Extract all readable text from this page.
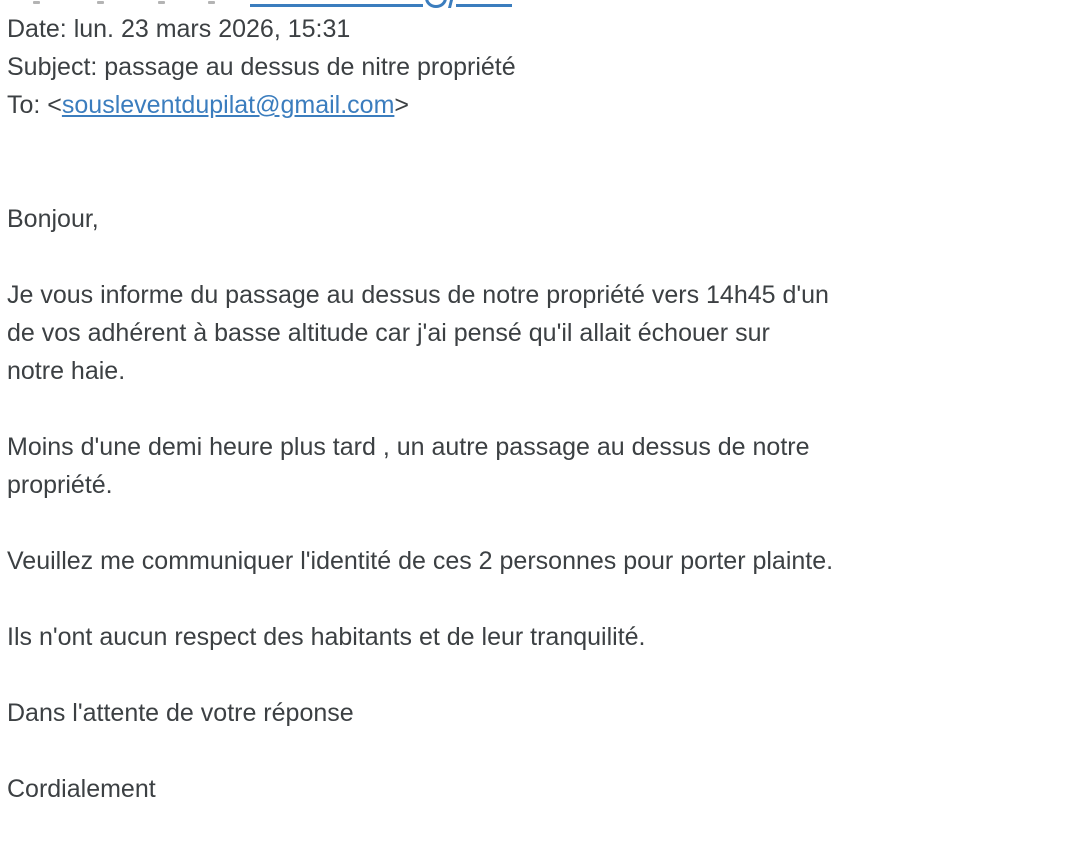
Date: lun. 23 mars 2026, 15:31
Subject: passage au dessus de nitre propriété
To: <sousleventdupilat@gmail.com>
Bonjour,
Je vous informe du passage au dessus de notre propriété vers 14h45 d'un
de vos adhérent à basse altitude car j'ai pensé qu'il allait échouer sur
notre haie.
Moins d'une demi heure plus tard , un autre passage au dessus de notre
propriété.
Veuillez me communiquer l'identité de ces 2 personnes pour porter plainte.
Ils n'ont aucun respect des habitants et de leur tranquilité.
Dans l'attente de votre réponse
Cordialement
